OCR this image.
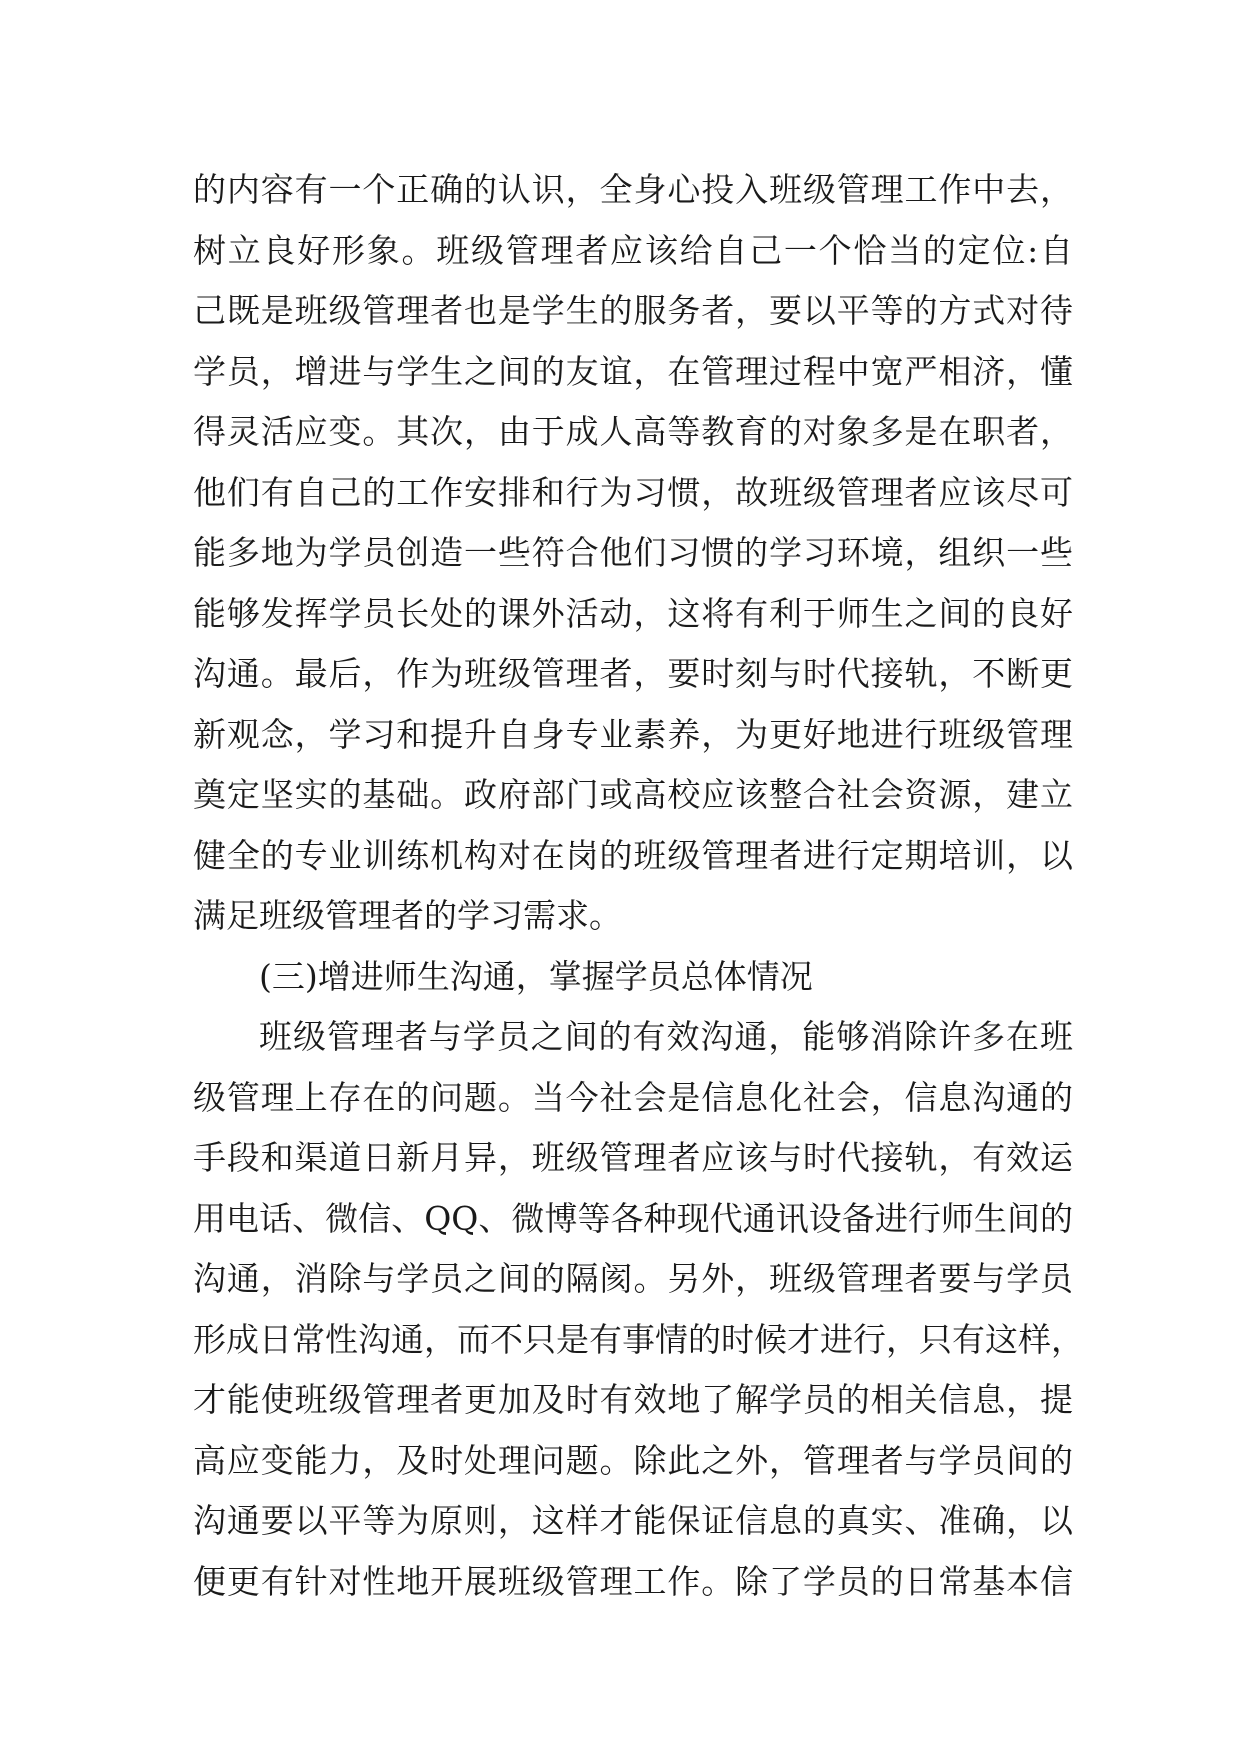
的内容有一个正确的认识，全身心投入班级管理工作中去，
树立良好形象。班级管理者应该给自己一个恰当的定位:自
己既是班级管理者也是学生的服务者，要以平等的方式对待
学员，增进与学生之间的友谊，在管理过程中宽严相济，懂
得灵活应变。其次，由于成人高等教育的对象多是在职者，
他们有自己的工作安排和行为习惯，故班级管理者应该尽可
能多地为学员创造一些符合他们习惯的学习环境，组织一些
能够发挥学员长处的课外活动，这将有利于师生之间的良好
沟通。最后，作为班级管理者，要时刻与时代接轨，不断更
新观念，学习和提升自身专业素养，为更好地进行班级管理
奠定坚实的基础。政府部门或高校应该整合社会资源，建立
健全的专业训练机构对在岗的班级管理者进行定期培训，以
满足班级管理者的学习需求。
(三)增进师生沟通，掌握学员总体情况
班级管理者与学员之间的有效沟通，能够消除许多在班
级管理上存在的问题。当今社会是信息化社会，信息沟通的
手段和渠道日新月异，班级管理者应该与时代接轨，有效运
用电话、微信、QQ、微博等各种现代通讯设备进行师生间的
沟通，消除与学员之间的隔阂。另外，班级管理者要与学员
形成日常性沟通，而不只是有事情的时候才进行，只有这样，
才能使班级管理者更加及时有效地了解学员的相关信息，提
高应变能力，及时处理问题。除此之外，管理者与学员间的
沟通要以平等为原则，这样才能保证信息的真实、准确，以
便更有针对性地开展班级管理工作。除了学员的日常基本信
